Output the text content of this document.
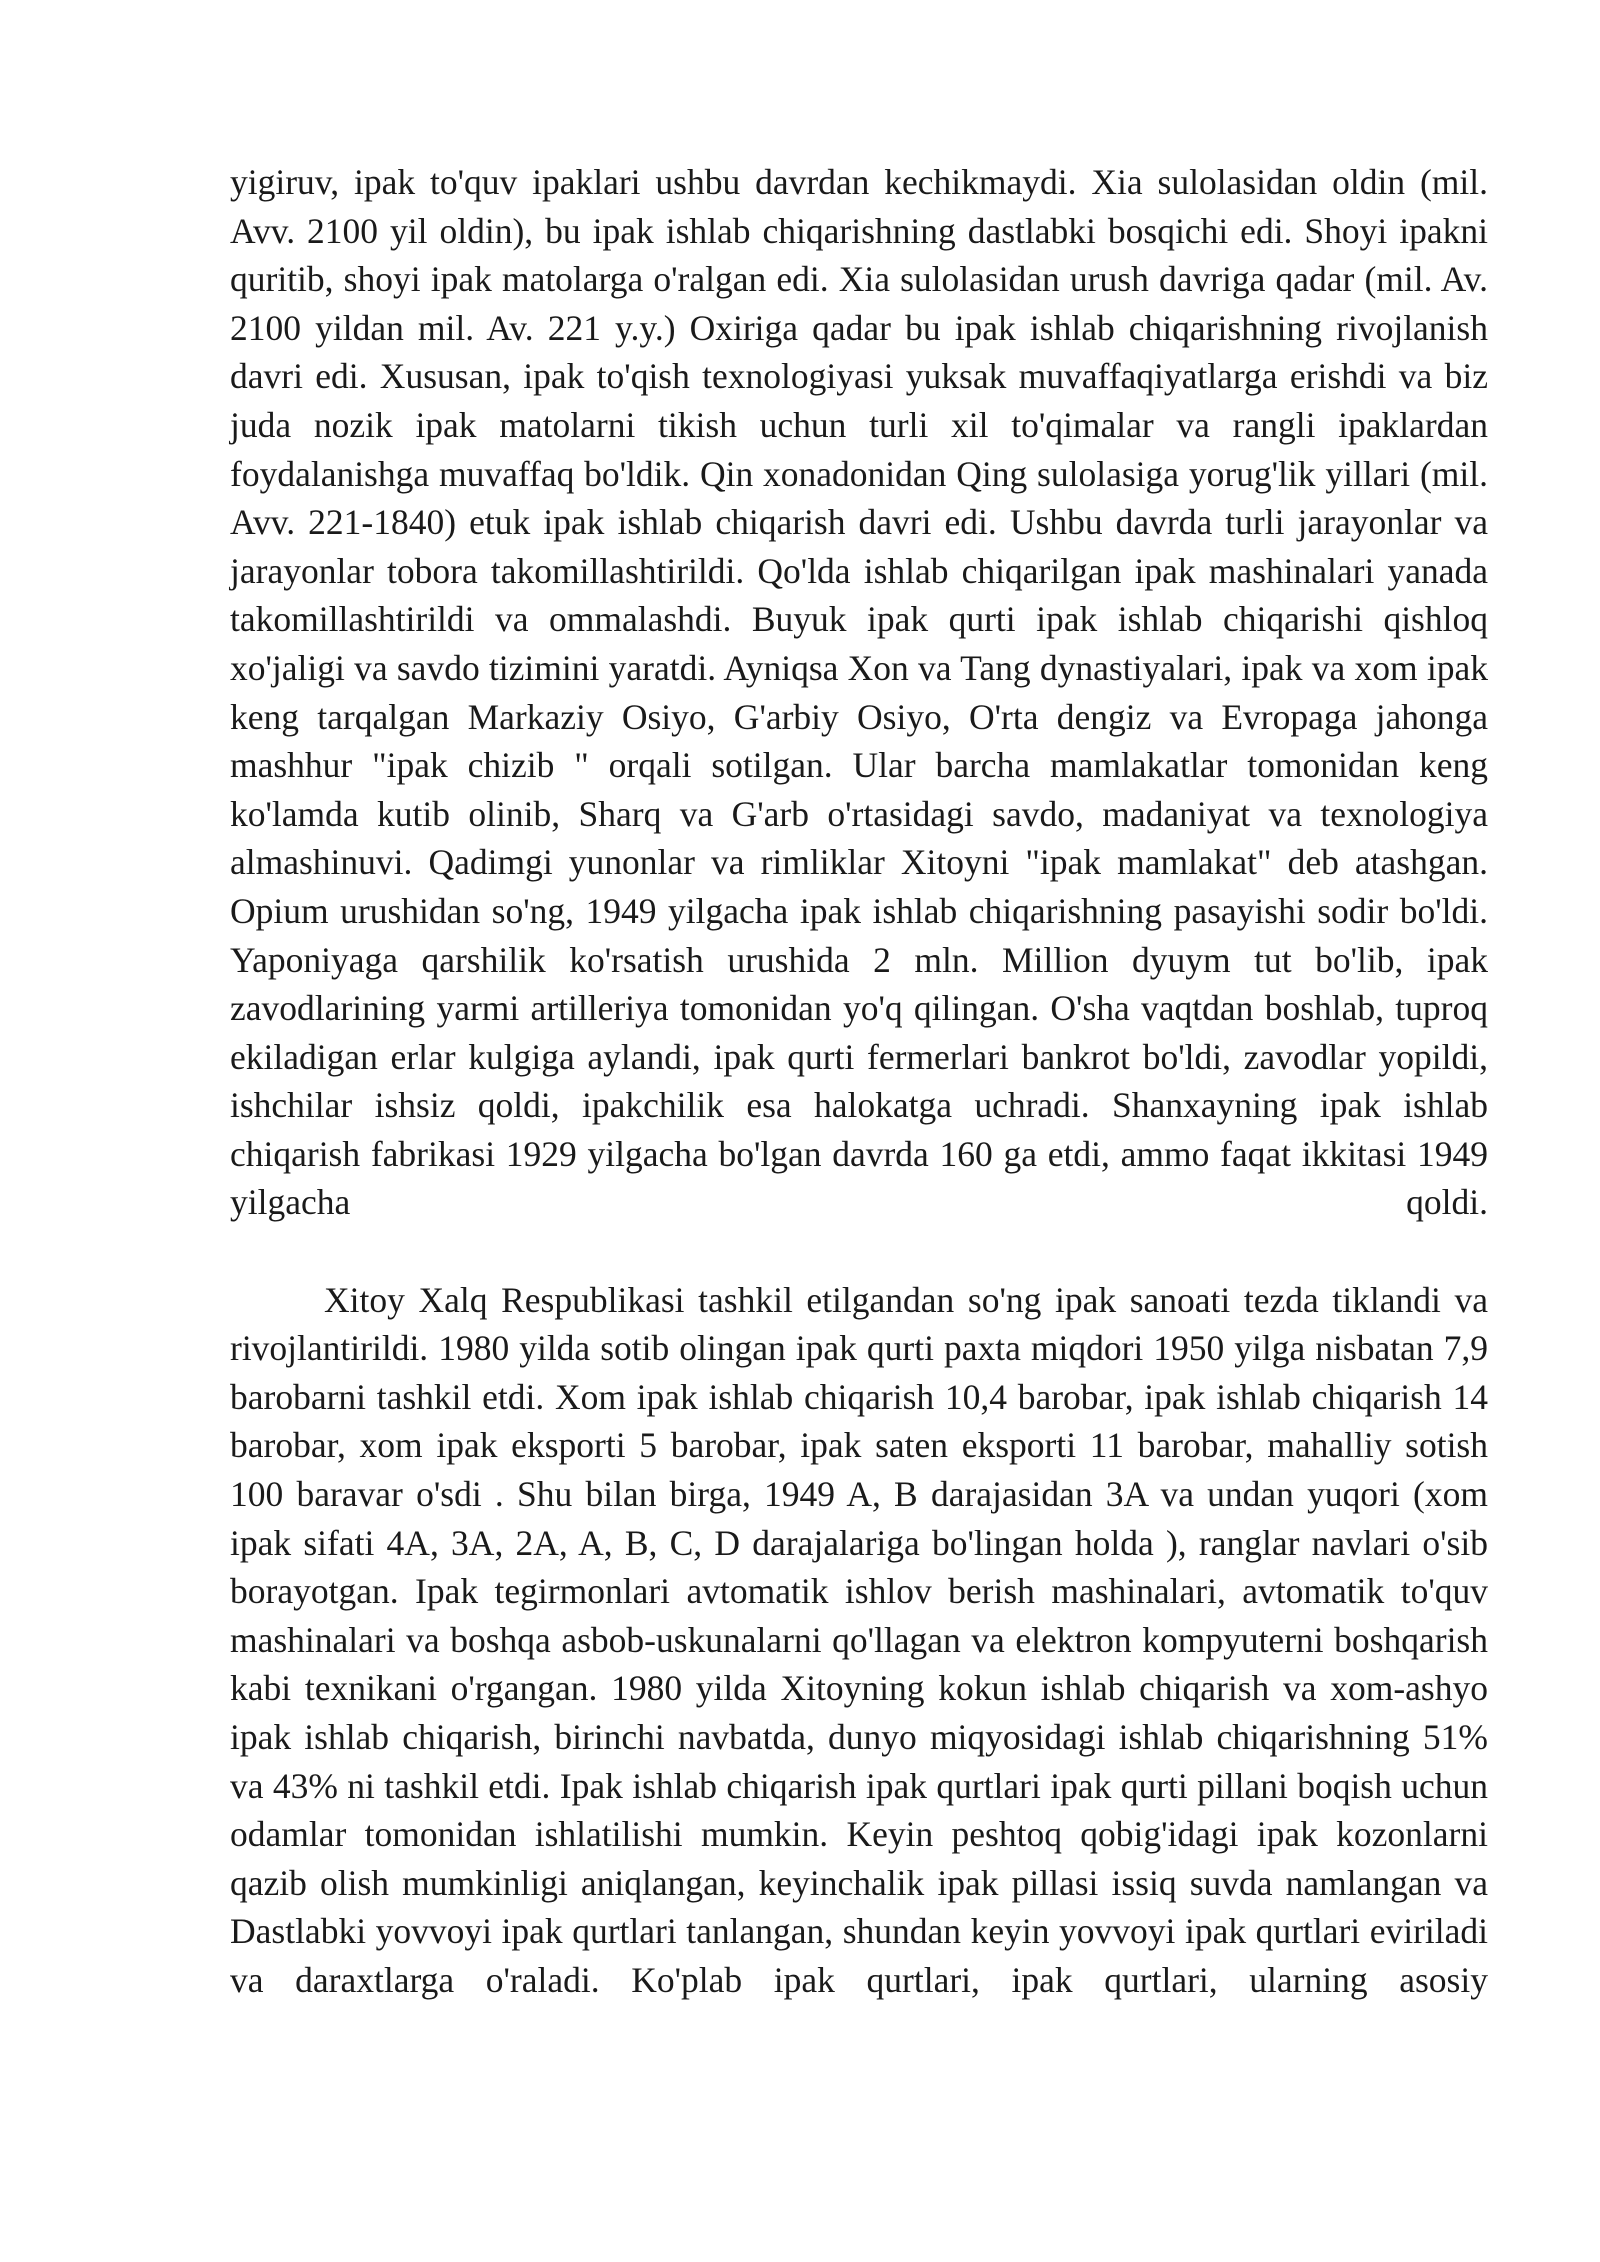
yigiruv, ipak to'quv ipaklari ushbu davrdan kechikmaydi. Xia sulolasidan oldin (mil. Avv. 2100 yil oldin), bu ipak ishlab chiqarishning dastlabki bosqichi edi. Shoyi ipakni quritib, shoyi ipak matolarga o'ralgan edi. Xia sulolasidan urush davriga qadar (mil. Av. 2100 yildan mil. Av. 221 y.y.) Oxiriga qadar bu ipak ishlab chiqarishning rivojlanish davri edi. Xususan, ipak to'qish texnologiyasi yuksak muvaffaqiyatlarga erishdi va biz juda nozik ipak matolarni tikish uchun turli xil to'qimalar va rangli ipaklardan foydalanishga muvaffaq bo'ldik. Qin xonadonidan Qing sulolasiga yorug'lik yillari (mil. Avv. 221-1840) etuk ipak ishlab chiqarish davri edi. Ushbu davrda turli jarayonlar va jarayonlar tobora takomillashtirildi. Qo'lda ishlab chiqarilgan ipak mashinalari yanada takomillashtirildi va ommalashdi. Buyuk ipak qurti ipak ishlab chiqarishi qishloq xo'jaligi va savdo tizimini yaratdi. Ayniqsa Xon va Tang dynastiyalari, ipak va xom ipak keng tarqalgan Markaziy Osiyo, G'arbiy Osiyo, O'rta dengiz va Evropaga jahonga mashhur "ipak chizib " orqali sotilgan. Ular barcha mamlakatlar tomonidan keng ko'lamda kutib olinib, Sharq va G'arb o'rtasidagi savdo, madaniyat va texnologiya almashinuvi. Qadimgi yunonlar va rimliklar Xitoyni "ipak mamlakat" deb atashgan. Opium urushidan so'ng, 1949 yilgacha ipak ishlab chiqarishning pasayishi sodir bo'ldi. Yaponiyaga qarshilik ko'rsatish urushida 2 mln. Million dyuym tut bo'lib, ipak zavodlarining yarmi artilleriya tomonidan yo'q qilingan. O'sha vaqtdan boshlab, tuproq ekiladigan erlar kulgiga aylandi, ipak qurti fermerlari bankrot bo'ldi, zavodlar yopildi, ishchilar ishsiz qoldi, ipakchilik esa halokatga uchradi. Shanxayning ipak ishlab chiqarish fabrikasi 1929 yilgacha bo'lgan davrda 160 ga etdi, ammo faqat ikkitasi 1949 yilgacha qoldi.

Xitoy Xalq Respublikasi tashkil etilgandan so'ng ipak sanoati tezda tiklandi va rivojlantirildi. 1980 yilda sotib olingan ipak qurti paxta miqdori 1950 yilga nisbatan 7,9 barobarni tashkil etdi. Xom ipak ishlab chiqarish 10,4 barobar, ipak ishlab chiqarish 14 barobar, xom ipak eksporti 5 barobar, ipak saten eksporti 11 barobar, mahalliy sotish 100 baravar o'sdi . Shu bilan birga, 1949 A, B darajasidan 3A va undan yuqori (xom ipak sifati 4A, 3A, 2A, A, B, C, D darajalariga bo'lingan holda ), ranglar navlari o'sib borayotgan. Ipak tegirmonlari avtomatik ishlov berish mashinalari, avtomatik to'quv mashinalari va boshqa asbob-uskunalarni qo'llagan va elektron kompyuterni boshqarish kabi texnikani o'rgangan. 1980 yilda Xitoyning kokun ishlab chiqarish va xom-ashyo ipak ishlab chiqarish, birinchi navbatda, dunyo miqyosidagi ishlab chiqarishning 51% va 43% ni tashkil etdi. Ipak ishlab chiqarish ipak qurtlari ipak qurti pillani boqish uchun odamlar tomonidan ishlatilishi mumkin. Keyin peshtoq qobig'idagi ipak kozonlarni qazib olish mumkinligi aniqlangan, keyinchalik ipak pillasi issiq suvda namlangan va Dastlabki yovvoyi ipak qurtlari tanlangan, shundan keyin yovvoyi ipak qurtlari eviriladi va daraxtlarga o'raladi. Ko'plab ipak qurtlari, ipak qurtlari, ularning asosiy
